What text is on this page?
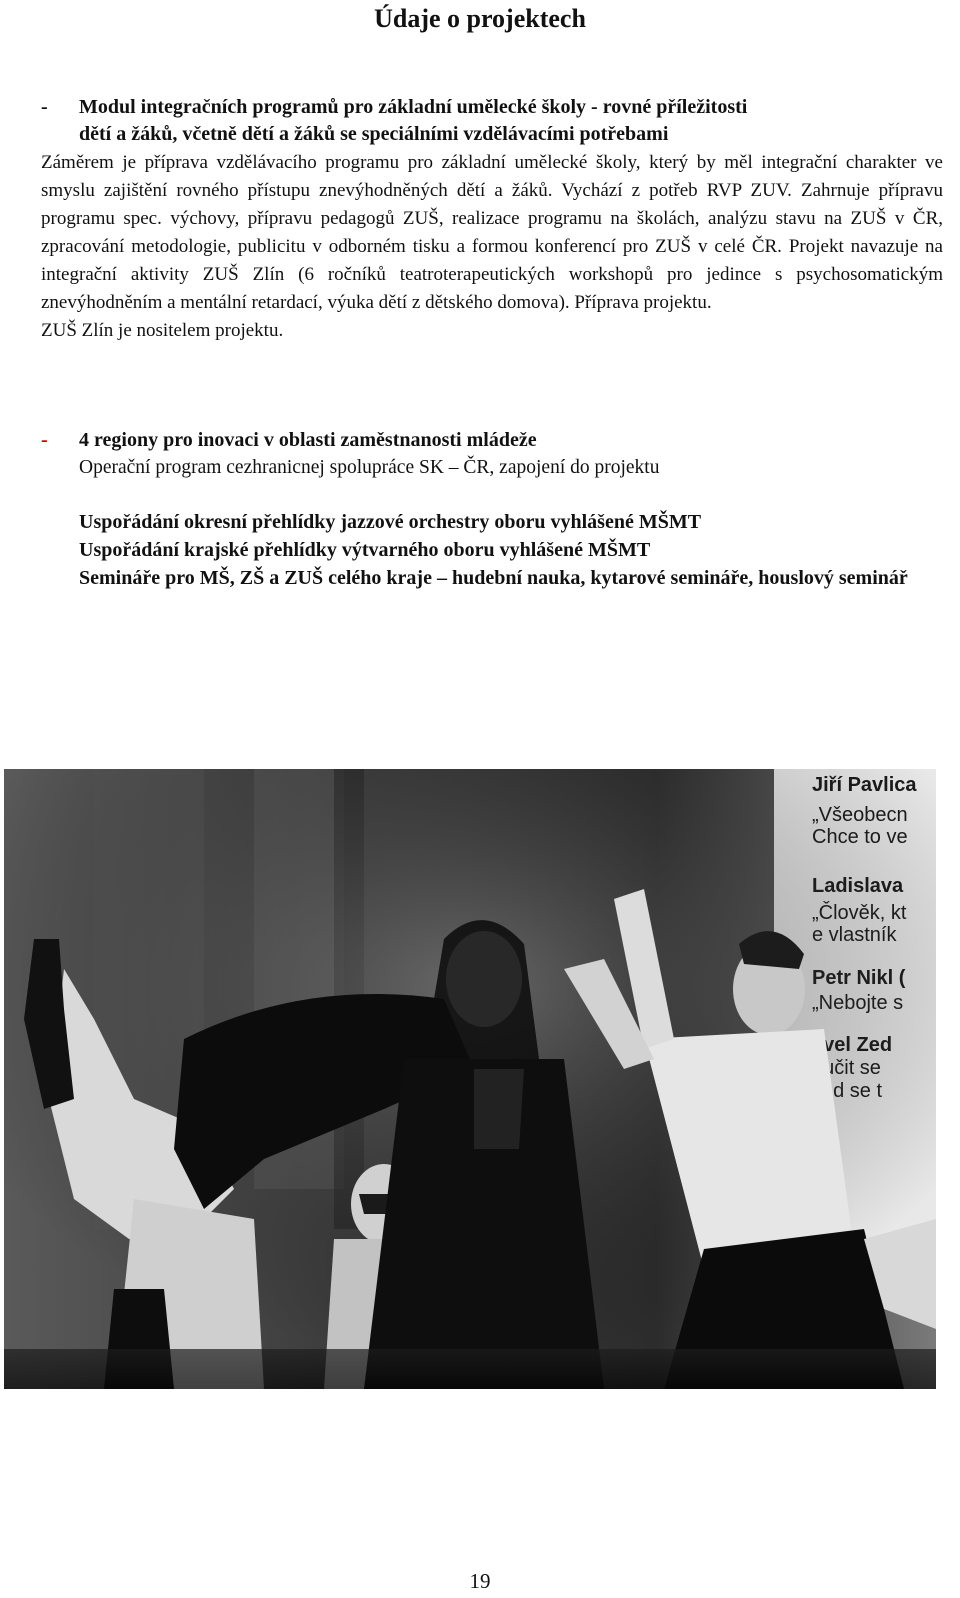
Údaje o projektech
-	Modul integračních programů pro základní umělecké školy - rovné příležitosti
dětí a žáků, včetně dětí a žáků se speciálními vzdělávacími potřebami

Záměrem je příprava vzdělávacího programu pro základní umělecké školy, který by měl integrační charakter ve smyslu zajištění rovného přístupu znevýhodněných dětí a žáků. Vychází z potřeb RVP ZUV. Zahrnuje přípravu programu spec. výchovy, přípravu pedagogů ZUŠ, realizace programu na školách, analýzu stavu na ZUŠ v ČR, zpracování metodologie, publicitu v odborném tisku a formou konferencí pro ZUŠ v celé ČR. Projekt navazuje na integrační aktivity ZUŠ Zlín (6 ročníků teatroterapeutických workshopů pro jedince s psychosomatickým znevýhodněním a mentální retardací, výuka dětí z dětského domova). Příprava projektu.

ZUŠ Zlín je nositelem projektu.

-	4 regiony pro inovaci v oblasti zaměstnanosti mládeže
Operační program cezhranicnej spolupráce SK – ČR, zapojení do projektu

Uspořádání okresní přehlídky jazzové orchestry oboru vyhlášené MŠMT

Uspořádání krajské přehlídky výtvarného oboru vyhlášené MŠMT

Semináře pro MŠ, ZŠ a ZUŠ celého kraje – hudební nauka, kytarové semináře, houslový seminář

19
